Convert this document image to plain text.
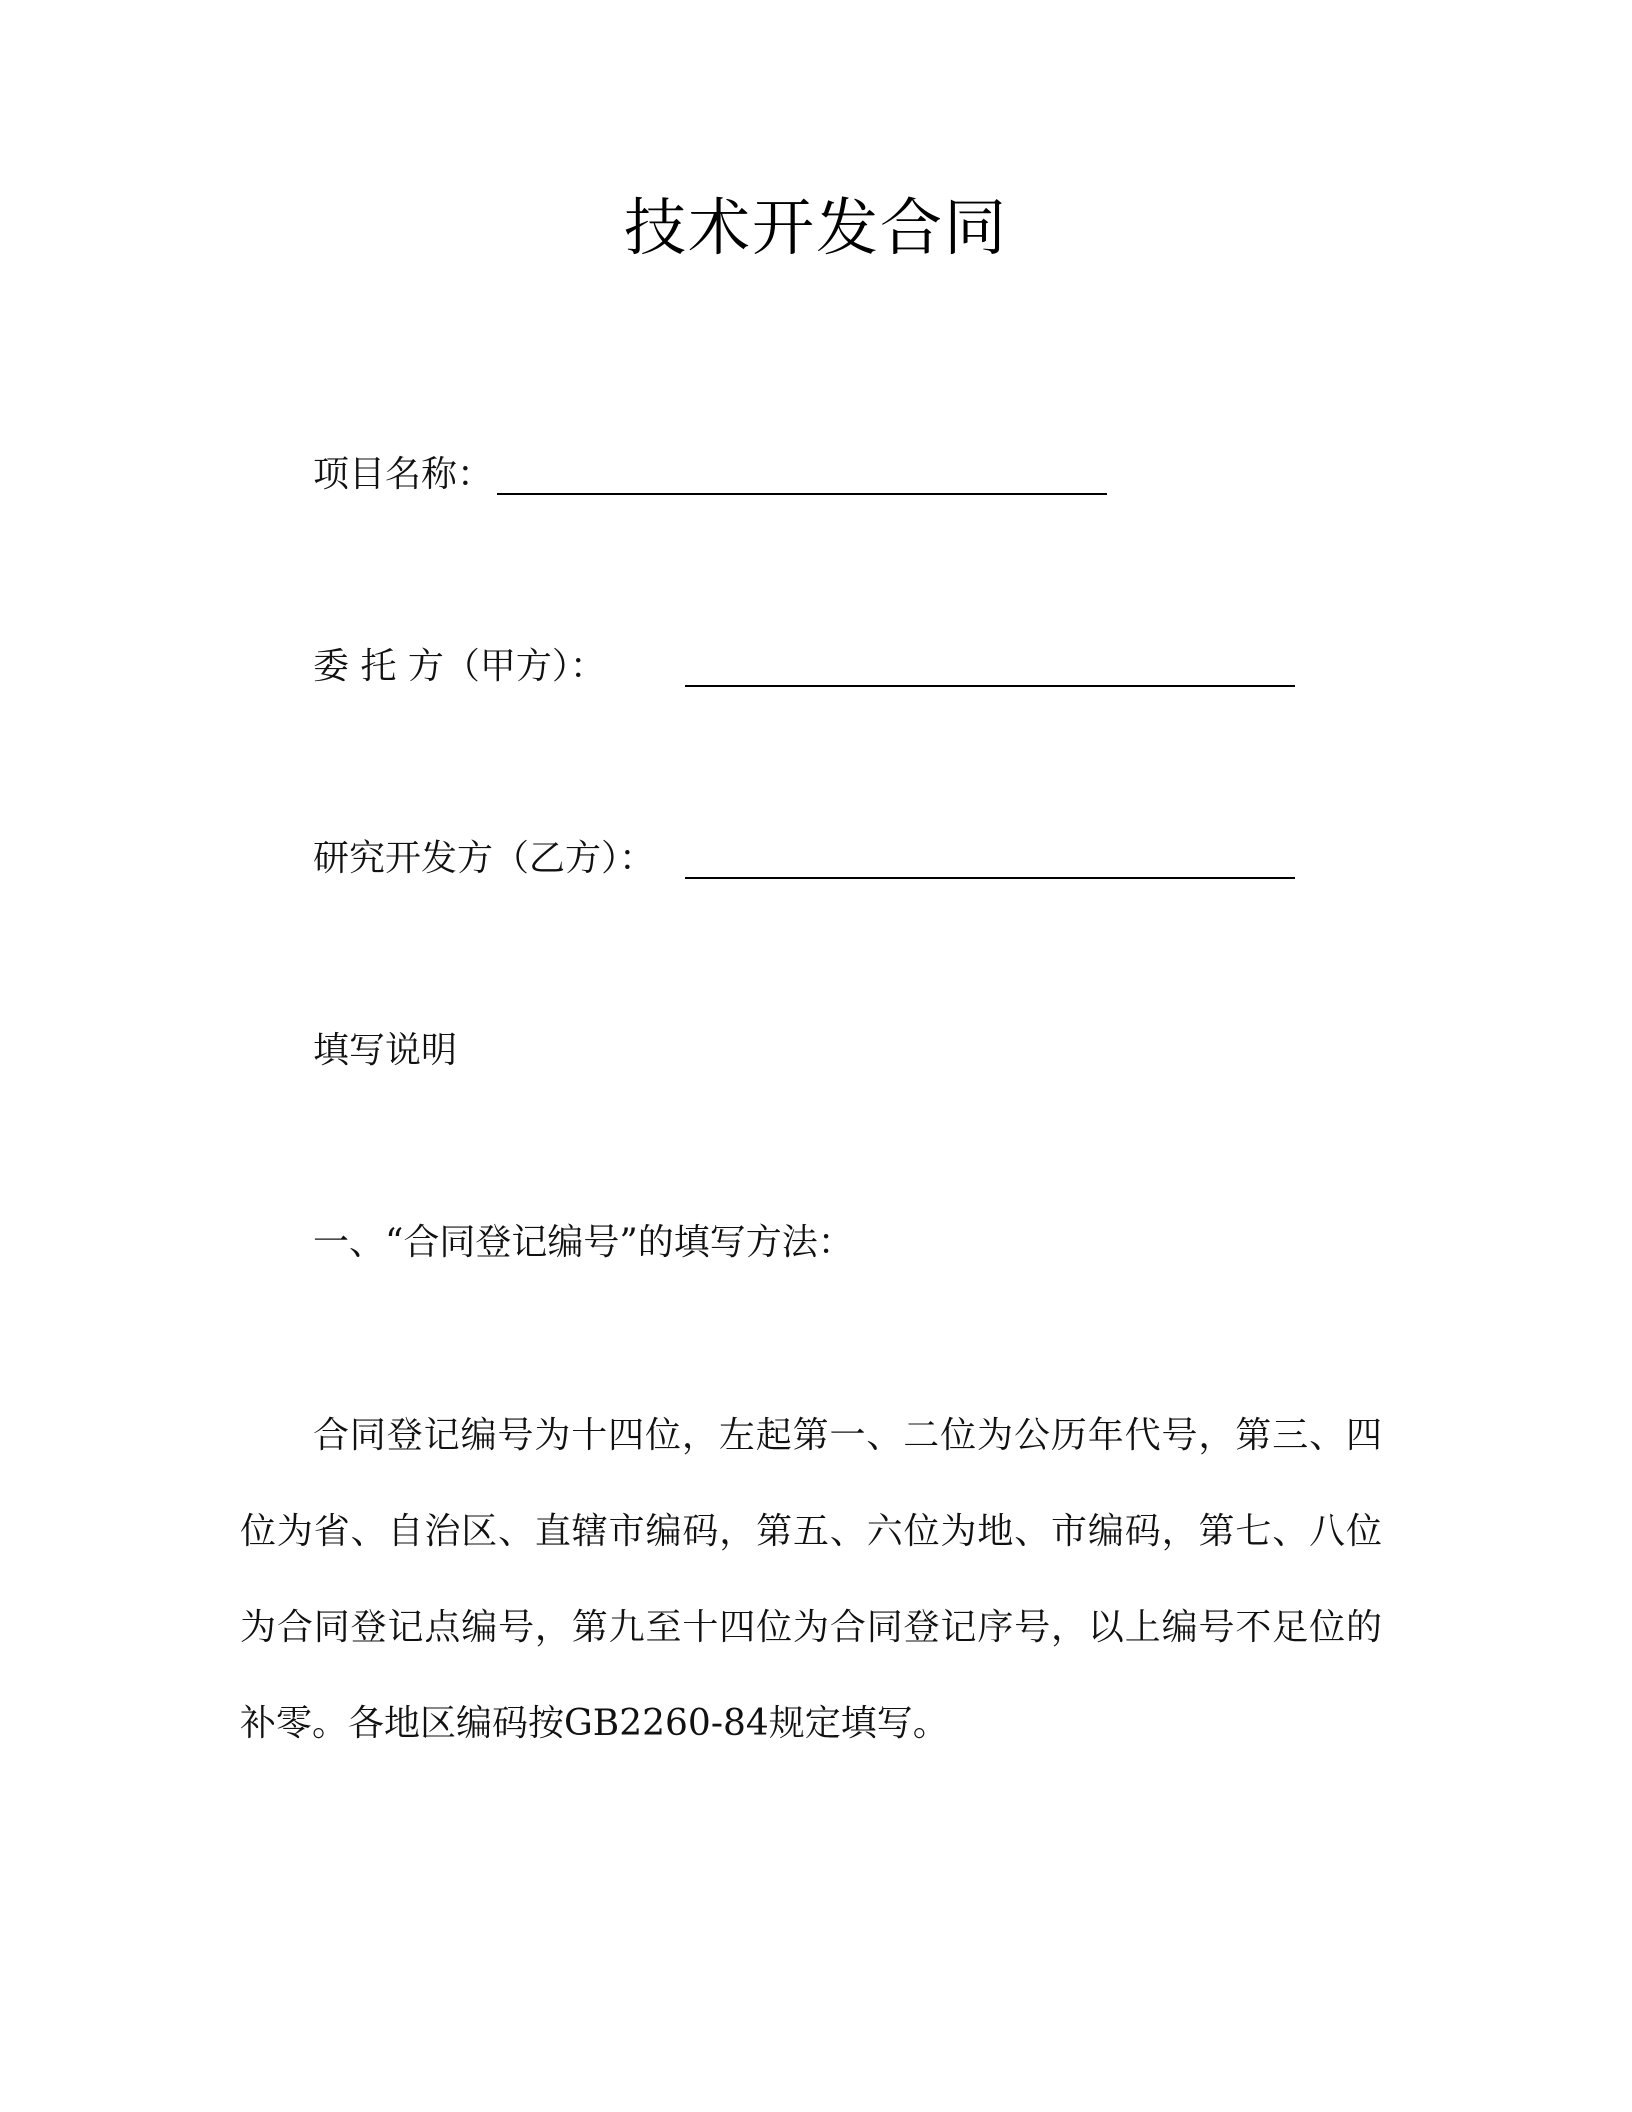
技术开发合同
项目名称：
委 托 方（甲方）：
研究开发方（乙方）：
填写说明
一、“合同登记编号”的填写方法：
合同登记编号为十四位，左起第一、二位为公历年代号，第三、四
位为省、自治区、直辖市编码，第五、六位为地、市编码，第七、八位
为合同登记点编号，第九至十四位为合同登记序号，以上编号不足位的
补零。各地区编码按GB2260-84规定填写。
